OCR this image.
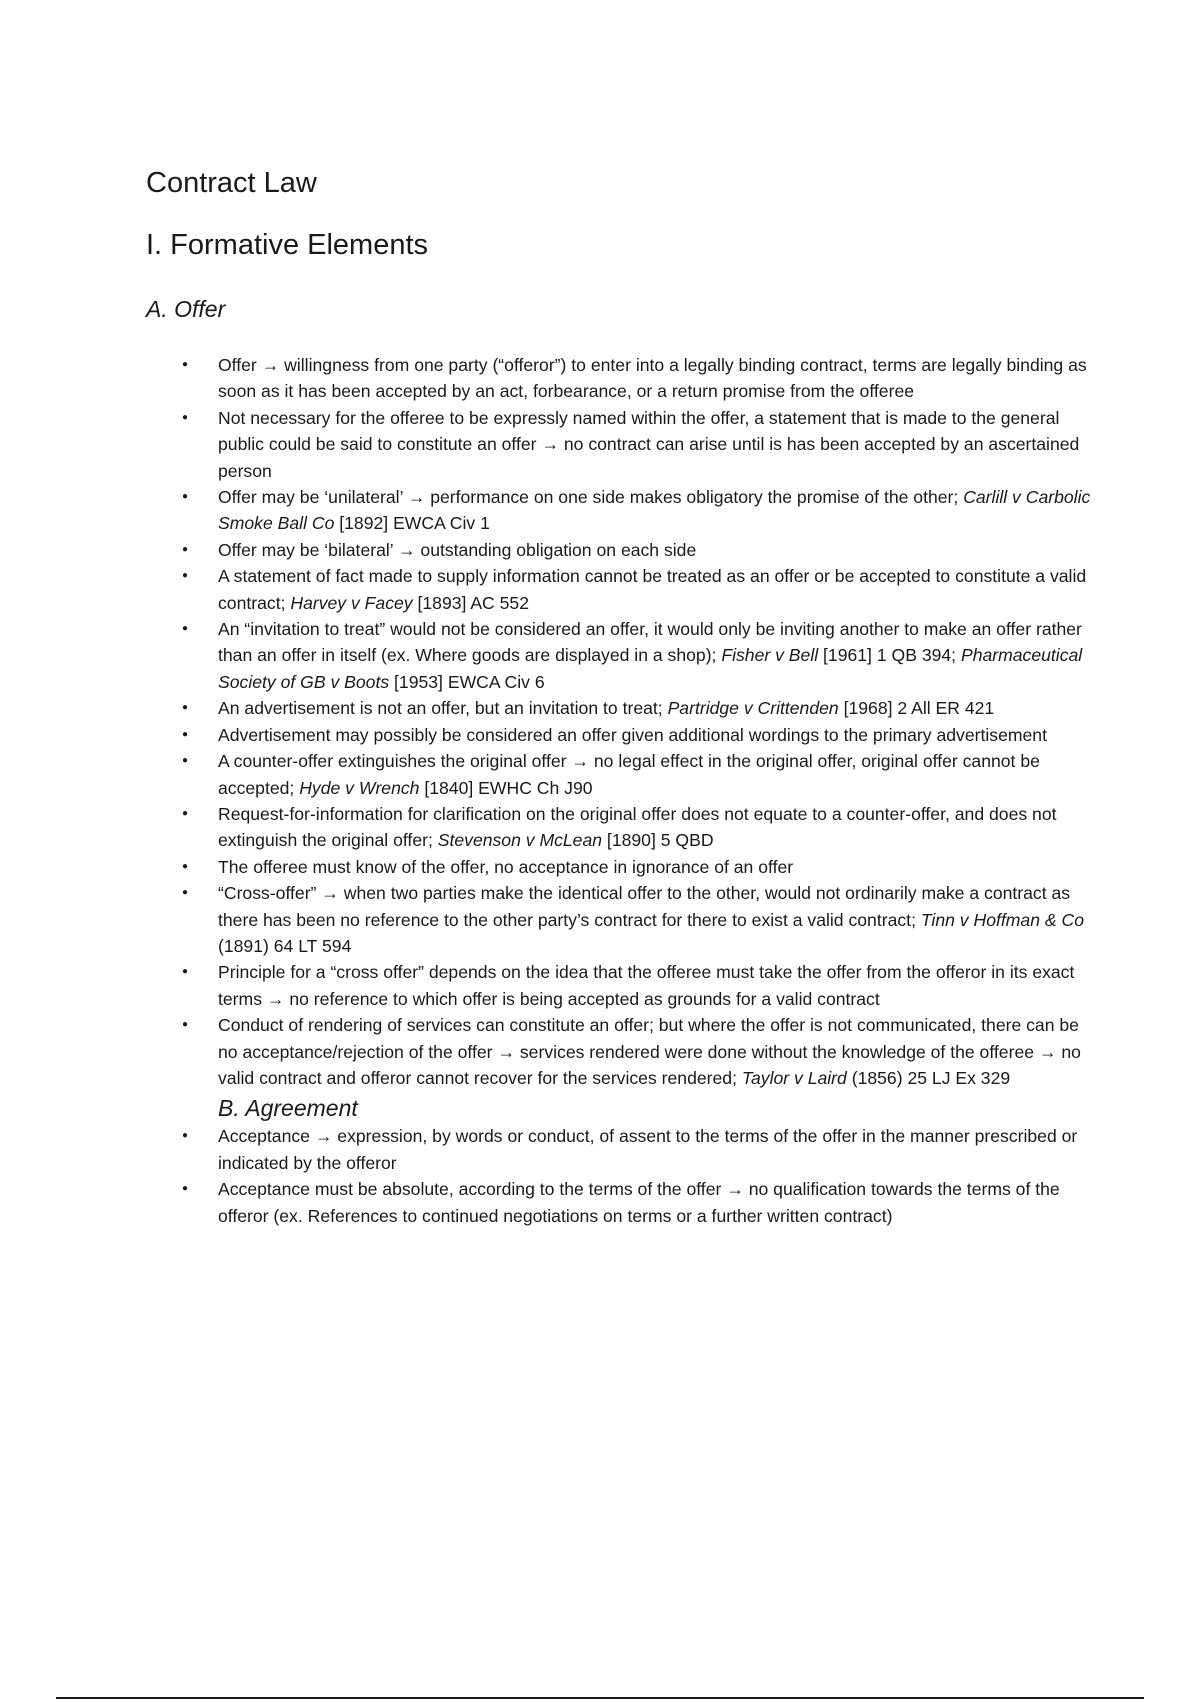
Contract Law
I. Formative Elements
A. Offer
● Offer → willingness from one party (“offeror”) to enter into a legally binding contract, terms are legally binding as soon as it has been accepted by an act, forbearance, or a return promise from the offeree
● Not necessary for the offeree to be expressly named within the offer, a statement that is made to the general public could be said to constitute an offer → no contract can arise until is has been accepted by an ascertained person
● Offer may be ‘unilateral’ → performance on one side makes obligatory the promise of the other; Carlill v Carbolic Smoke Ball Co [1892] EWCA Civ 1
● Offer may be ‘bilateral’ → outstanding obligation on each side
● A statement of fact made to supply information cannot be treated as an offer or be accepted to constitute a valid
contract; Harvey v Facey [1893] AC 552
● An “invitation to treat” would not be considered an offer, it would only be inviting another to make an offer rather than an offer in itself (ex. Where goods are displayed in a shop); Fisher v Bell [1961] 1 QB 394; Pharmaceutical Society of GB v Boots [1953] EWCA Civ 6
● An advertisement is not an offer, but an invitation to treat; Partridge v Crittenden [1968] 2 All ER 421
● Advertisement may possibly be considered an offer given additional wordings to the primary advertisement
● A counter-offer extinguishes the original offer → no legal effect in the original offer, original offer cannot be accepted; Hyde v Wrench [1840] EWHC Ch J90
● Request-for-information for clarification on the original offer does not equate to a counter-offer, and does not extinguish the original offer; Stevenson v McLean [1890] 5 QBD
● The offeree must know of the offer, no acceptance in ignorance of an offer
● “Cross-offer” → when two parties make the identical offer to the other, would not ordinarily make a contract as there has been no reference to the other party’s contract for there to exist a valid contract; Tinn v Hoffman & Co (1891) 64 LT 594
● Principle for a “cross offer” depends on the idea that the offeree must take the offer from the offeror in its exact terms → no reference to which offer is being accepted as grounds for a valid contract
● Conduct of rendering of services can constitute an offer; but where the offer is not communicated, there can be no acceptance/rejection of the offer → services rendered were done without the knowledge of the offeree → no valid contract and offeror cannot recover for the services rendered; Taylor v Laird (1856) 25 LJ Ex 329
B. Agreement
● Acceptance → expression, by words or conduct, of assent to the terms of the offer in the manner prescribed or indicated by the offeror
● Acceptance must be absolute, according to the terms of the offer → no qualification towards the terms of the offeror (ex. References to continued negotiations on terms or a further written contract)
